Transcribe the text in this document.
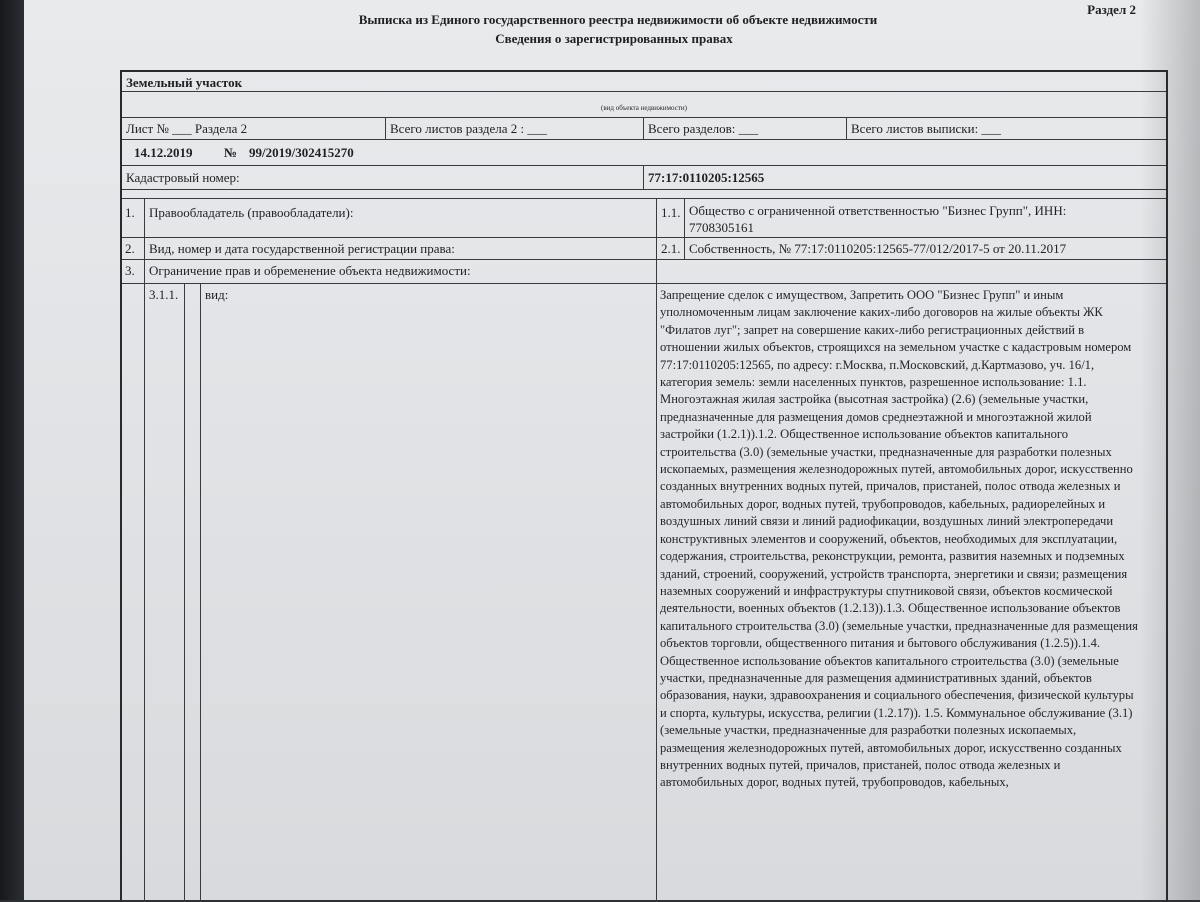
Раздел 2
Выписка из Единого государственного реестра недвижимости об объекте недвижимости
Сведения о зарегистрированных правах
Земельный участок
(вид объекта недвижимости)
Лист № ___ Раздела 2	Всего листов раздела 2 : ___	Всего разделов: ___	Всего листов выписки: ___
14.12.2019	№ 99/2019/302415270
Кадастровый номер:	77:17:0110205:12565
1.	Правообладатель (правообладатели):	1.1. Общество с ограниченной ответственностью "Бизнес Групп", ИНН:
7708305161
2.	Вид, номер и дата государственной регистрации права:	2.1. Собственность, № 77:17:0110205:12565-77/012/2017-5 от 20.11.2017
3.	Ограничение прав и обременение объекта недвижимости:
3.1.1.	вид:	Запрещение сделок с имуществом, Запретить ООО "Бизнес Групп" и иным уполномоченным лицам заключение каких-либо договоров на жилые объекты ЖК "Филатов луг"; запрет на совершение каких-либо регистрационных действий в отношении жилых объектов, строящихся на земельном участке с кадастровым номером 77:17:0110205:12565, по адресу: г.Москва, п.Московский, д.Картмазово, уч. 16/1, категория земель: земли населенных пунктов, разрешенное использование: 1.1. Многоэтажная жилая застройка (высотная застройка) (2.6) (земельные участки, предназначенные для размещения домов среднеэтажной и многоэтажной жилой застройки (1.2.1)).1.2. Общественное использование объектов капитального строительства (3.0) (земельные участки, предназначенные для разработки полезных ископаемых, размещения железнодорожных путей, автомобильных дорог, искусственно созданных внутренних водных путей, причалов, пристаней, полос отвода железных и автомобильных дорог, водных путей, трубопроводов, кабельных, радиорелейных и воздушных линий связи и линий радиофикации, воздушных линий электропередачи конструктивных элементов и сооружений, объектов, необходимых для эксплуатации, содержания, строительства, реконструкции, ремонта, развития наземных и подземных зданий, строений, сооружений, устройств транспорта, энергетики и связи; размещения наземных сооружений и инфраструктуры спутниковой связи, объектов космической деятельности, военных объектов (1.2.13)).1.3. Общественное использование объектов капитального строительства (3.0) (земельные участки, предназначенные для размещения объектов торговли, общественного питания и бытового обслуживания (1.2.5)).1.4. Общественное использование объектов капитального строительства (3.0) (земельные участки, предназначенные для размещения административных зданий, объектов образования, науки, здравоохранения и социального обеспечения, физической культуры и спорта, культуры, искусства, религии (1.2.17)). 1.5. Коммунальное обслуживание (3.1) (земельные участки, предназначенные для разработки полезных ископаемых, размещения железнодорожных путей, автомобильных дорог, искусственно созданных внутренних водных путей, причалов, пристаней, полос отвода железных и автомобильных дорог, водных путей, трубопроводов, кабельных,
